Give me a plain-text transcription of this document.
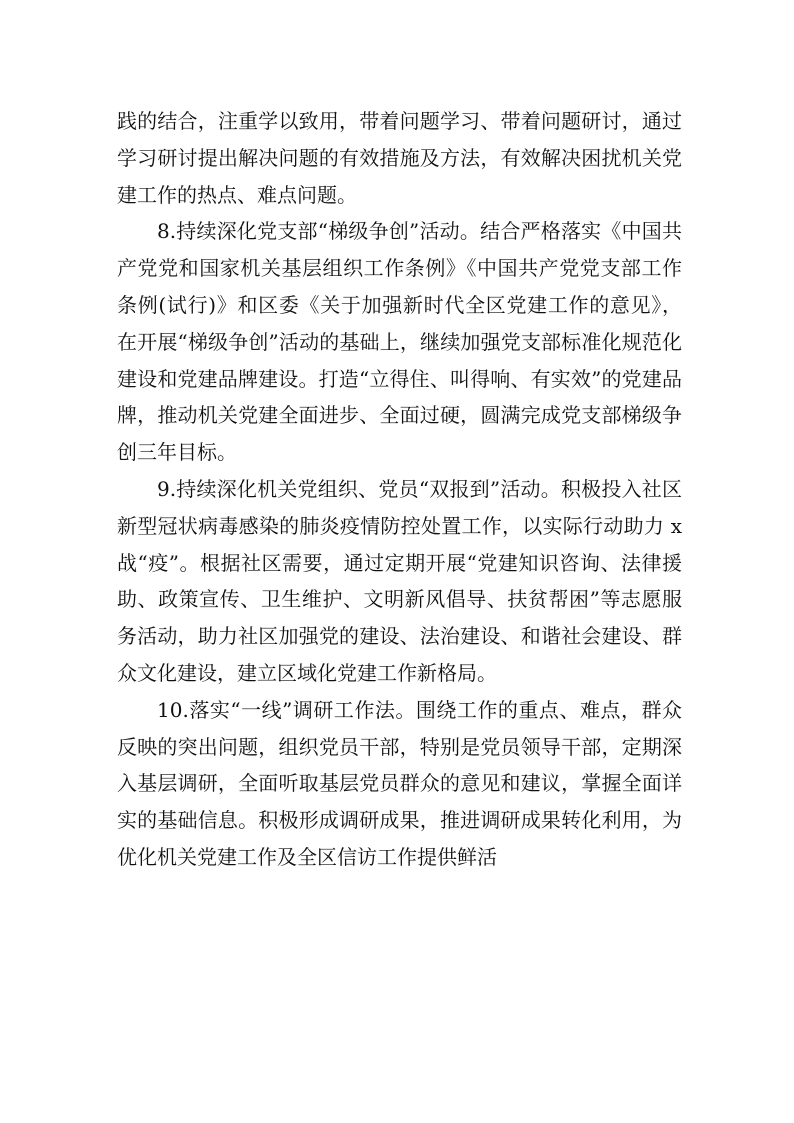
践的结合，注重学以致用，带着问题学习、带着问题研讨，通过学习研讨提出解决问题的有效措施及方法，有效解决困扰机关党建工作的热点、难点问题。

8.持续深化党支部“梯级争创”活动。结合严格落实《中国共产党党和国家机关基层组织工作条例》《中国共产党党支部工作条例(试行)》和区委《关于加强新时代全区党建工作的意见》，在开展“梯级争创”活动的基础上，继续加强党支部标准化规范化建设和党建品牌建设。打造“立得住、叫得响、有实效”的党建品牌，推动机关党建全面进步、全面过硬，圆满完成党支部梯级争创三年目标。

9.持续深化机关党组织、党员“双报到”活动。积极投入社区新型冠状病毒感染的肺炎疫情防控处置工作，以实际行动助力 x 战“疫”。根据社区需要，通过定期开展“党建知识咨询、法律援助、政策宣传、卫生维护、文明新风倡导、扶贫帮困”等志愿服务活动，助力社区加强党的建设、法治建设、和谐社会建设、群众文化建设，建立区域化党建工作新格局。

10.落实“一线”调研工作法。围绕工作的重点、难点，群众反映的突出问题，组织党员干部，特别是党员领导干部，定期深入基层调研，全面听取基层党员群众的意见和建议，掌握全面详实的基础信息。积极形成调研成果，推进调研成果转化利用，为优化机关党建工作及全区信访工作提供鲜活
